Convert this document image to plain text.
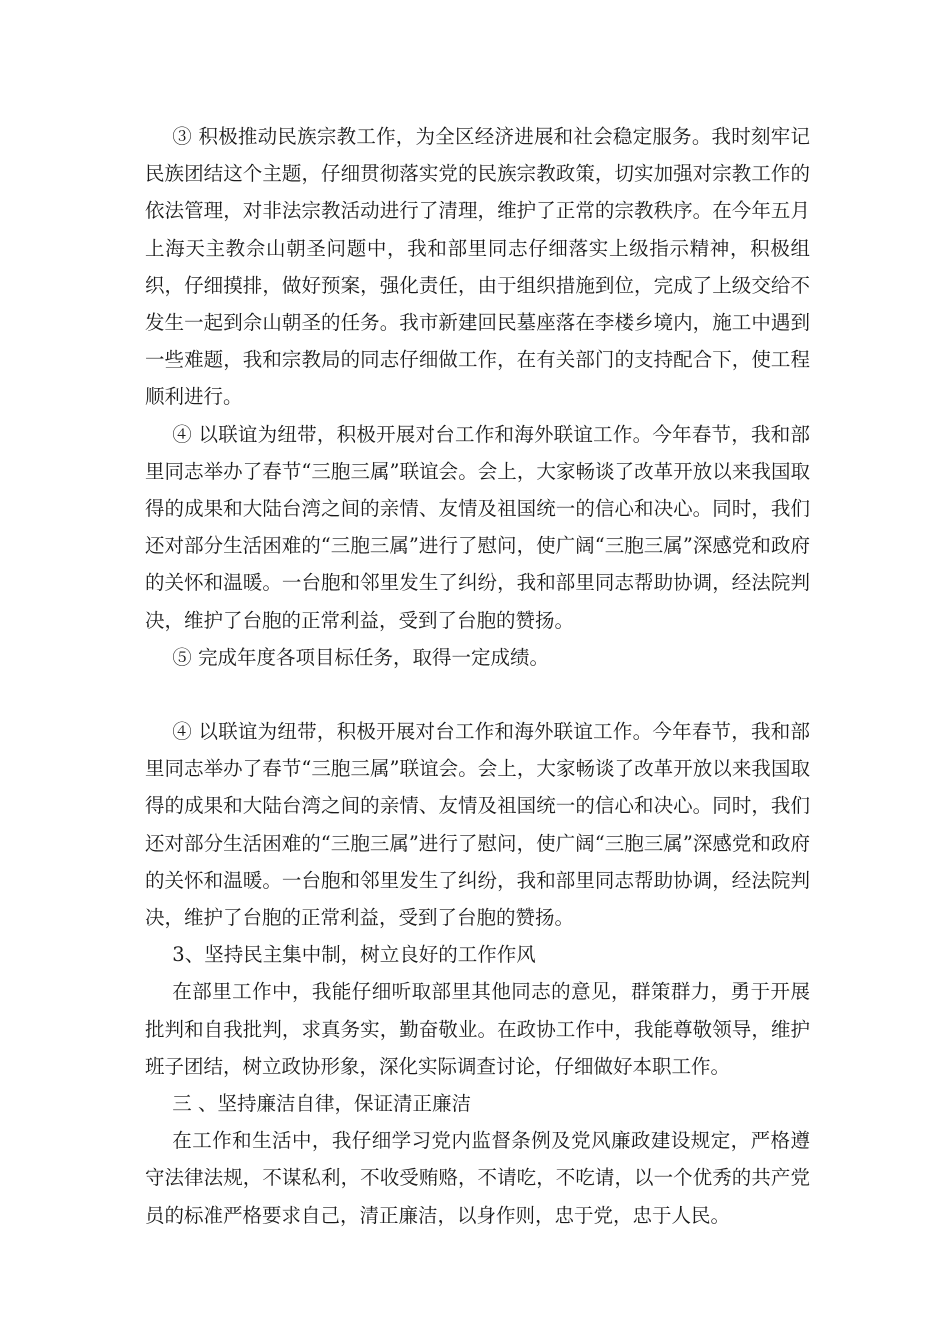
③ 积极推动民族宗教工作，为全区经济进展和社会稳定服务。我时刻牢记民族团结这个主题，仔细贯彻落实党的民族宗教政策，切实加强对宗教工作的依法管理，对非法宗教活动进行了清理，维护了正常的宗教秩序。在今年五月上海天主教佘山朝圣问题中，我和部里同志仔细落实上级指示精神，积极组织，仔细摸排，做好预案，强化责任，由于组织措施到位，完成了上级交给不发生一起到佘山朝圣的任务。我市新建回民墓座落在李楼乡境内，施工中遇到一些难题，我和宗教局的同志仔细做工作，在有关部门的支持配合下，使工程顺利进行。

④ 以联谊为纽带，积极开展对台工作和海外联谊工作。今年春节，我和部里同志举办了春节“三胞三属”联谊会。会上，大家畅谈了改革开放以来我国取得的成果和大陆台湾之间的亲情、友情及祖国统一的信心和决心。同时，我们还对部分生活困难的“三胞三属”进行了慰问，使广阔“三胞三属”深感党和政府的关怀和温暖。一台胞和邻里发生了纠纷，我和部里同志帮助协调，经法院判决，维护了台胞的正常利益，受到了台胞的赞扬。

⑤ 完成年度各项目标任务，取得一定成绩。

④ 以联谊为纽带，积极开展对台工作和海外联谊工作。今年春节，我和部里同志举办了春节“三胞三属”联谊会。会上，大家畅谈了改革开放以来我国取得的成果和大陆台湾之间的亲情、友情及祖国统一的信心和决心。同时，我们还对部分生活困难的“三胞三属”进行了慰问，使广阔“三胞三属”深感党和政府的关怀和温暖。一台胞和邻里发生了纠纷，我和部里同志帮助协调，经法院判决，维护了台胞的正常利益，受到了台胞的赞扬。

3、坚持民主集中制，树立良好的工作作风

在部里工作中，我能仔细听取部里其他同志的意见，群策群力，勇于开展批判和自我批判，求真务实，勤奋敬业。在政协工作中，我能尊敬领导，维护班子团结，树立政协形象，深化实际调查讨论，仔细做好本职工作。

三 、坚持廉洁自律，保证清正廉洁

在工作和生活中，我仔细学习党内监督条例及党风廉政建设规定，严格遵守法律法规，不谋私利，不收受贿赂，不请吃，不吃请，以一个优秀的共产党员的标准严格要求自己，清正廉洁，以身作则，忠于党，忠于人民。
